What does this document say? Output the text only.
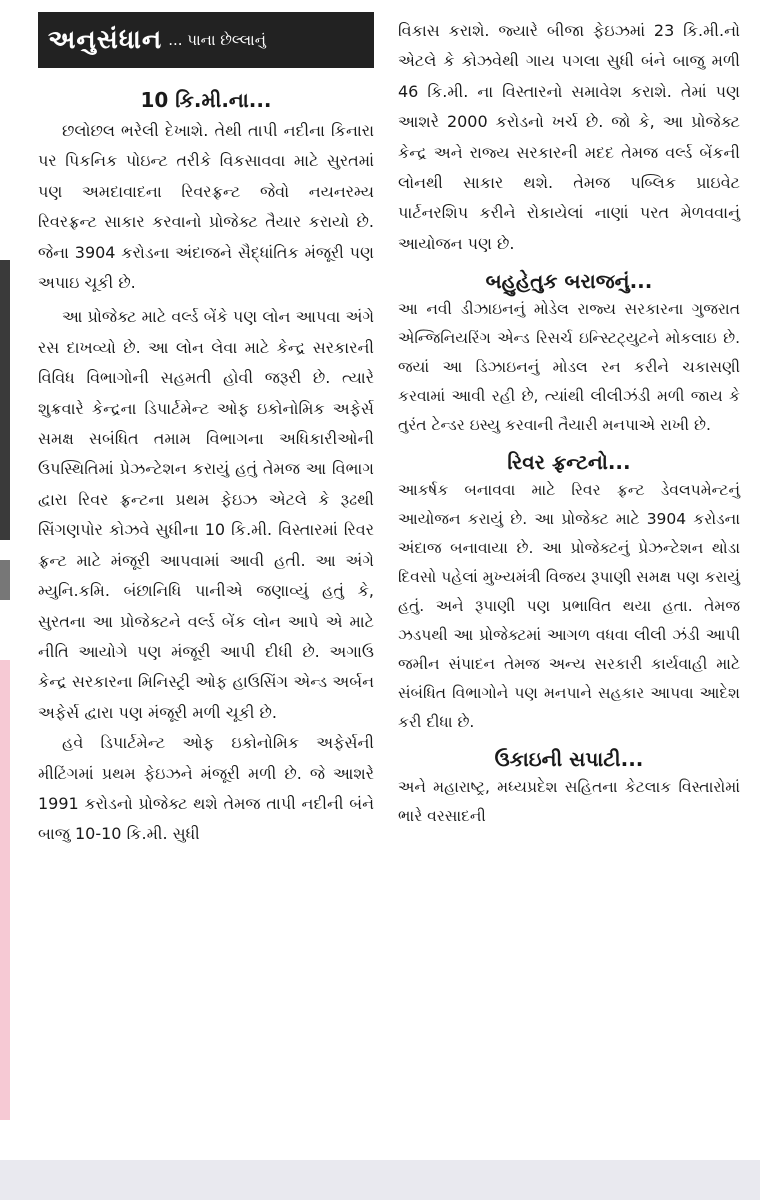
અનુસંધાન ... પાના છેલ્લાનું
10 કિ.મી.ના...

છલોછલ ભરેલી દેખાશે. તેથી તાપી નદીના કિનારા પર પિકનિક પોઇન્ટ તરીકે વિકસાવવા માટે સુરતમાં પણ અમદાવાદના રિવરફ્રન્ટ જેવો નયનરમ્ય રિવરફ્રન્ટ સાકાર કરવાનો પ્રોજેક્ટ તૈયાર કરાયો છે. જેના 3904 કરોડના અંદાજને સૈદ્ધાંતિક મંજૂરી પણ અપાઇ ચૂકી છે.

આ પ્રોજેક્ટ માટે વર્લ્ડ બેંકે પણ લોન આપવા અંગે રસ દાખવ્યો છે. આ લોન લેવા માટે કેન્દ્ર સરકારની વિવિધ વિભાગોની સહમતી હોવી જરૂરી છે. ત્યારે શુક્રવારે કેન્દ્રના ડિપાર્ટમેન્ટ ઓફ ઇકોનોમિક અફેર્સ સમક્ષ સબંધિત તમામ વિભાગના અધિકારીઓની ઉપસ્થિતિમાં પ્રેઝન્ટેશન કરાયું હતું તેમજ આ વિભાગ દ્વારા રિવર ફ્રન્ટના પ્રથમ ફેઇઝ એટલે કે રૂઢથી સિંગણપોર કોઝવે સુધીના 10 કિ.મી. વિસ્તારમાં રિવર ફ્રન્ટ માટે મંજૂરી આપવામાં આવી હતી. આ અંગે મ્યુનિ.કમિ. બંછાનિધિ પાનીએ જણાવ્યું હતું કે, સુરતના આ પ્રોજેક્ટને વર્લ્ડ બેંક લોન આપે એ માટે નીતિ આયોગે પણ મંજૂરી આપી દીધી છે. અગાઉ કેન્દ્ર સરકારના મિનિસ્ટ્રી ઓફ હાઉસિંગ એન્ડ અર્બન અફેર્સ દ્વારા પણ મંજૂરી મળી ચૂકી છે.

હવે ડિપાર્ટમેન્ટ ઓફ ઇકોનોમિક અફેર્સની મીટિંગમાં પ્રથમ ફેઇઝને મંજૂરી મળી છે. જે આશરે 1991 કરોડનો પ્રોજેક્ટ થશે તેમજ તાપી નદીની બંને બાજુ 10-10 કિ.મી. સુધી

વિકાસ કરાશે. જ્યારે બીજા ફેઇઝમાં 23 કિ.મી.નો એટલે કે કોઝવેથી ગાય પગલા સુધી બંને બાજુ મળી 46 કિ.મી. ના વિસ્તારનો સમાવેશ કરાશે. તેમાં પણ આશરે 2000 કરોડનો ખર્ચ છે. જો કે, આ પ્રોજેક્ટ કેન્દ્ર અને રાજ્ય સરકારની મદદ તેમજ વર્લ્ડ બેંકની લોનથી સાકાર થશે. તેમજ પબ્લિક પ્રાઇવેટ પાર્ટનરશિપ કરીને રોકાયેલાં નાણાં પરત મેળવવાનું આયોજન પણ છે.

બહુહેતુક બરાજનું...

આ નવી ડીઝાઇનનું મોડેલ રાજ્ય સરકારના ગુજરાત એન્જિનિયરિંગ એન્ડ રિસર્ચ ઇન્સ્ટિટ્યુટને મોકલાઇ છે. જયાં આ ડિઝાઇનનું મોડલ રન કરીને ચકાસણી કરવામાં આવી રહી છે, ત્યાંથી લીલીઝંડી મળી જાય કે તુરંત ટેન્ડર ઇસ્યુ કરવાની તૈયારી મનપાએ રાખી છે.

રિવર ફ્રન્ટનો...

આકર્ષક બનાવવા માટે રિવર ફ્રન્ટ ડેવલપમેન્ટનું આયોજન કરાયું છે. આ પ્રોજેક્ટ માટે 3904 કરોડના અંદાજ બનાવાયા છે. આ પ્રોજેક્ટનું પ્રેઝન્ટેશન થોડા દિવસો પહેલાં મુખ્યમંત્રી વિજય રૂપાણી સમક્ષ પણ કરાયું હતું. અને રૂપાણી પણ પ્રભાવિત થયા હતા. તેમજ ઝડપથી આ પ્રોજેક્ટમાં આગળ વધવા લીલી ઝંડી આપી જમીન સંપાદન તેમજ અન્ય સરકારી કાર્યવાહી માટે સંબંધિત વિભાગોને પણ મનપાને સહકાર આપવા આદેશ કરી દીધા છે.

ઉકાઇની સપાટી...

અને મહારાષ્ટ્ર, મધ્યપ્રદેશ સહિતના કેટલાક વિસ્તારોમાં ભારે વરસાદની
